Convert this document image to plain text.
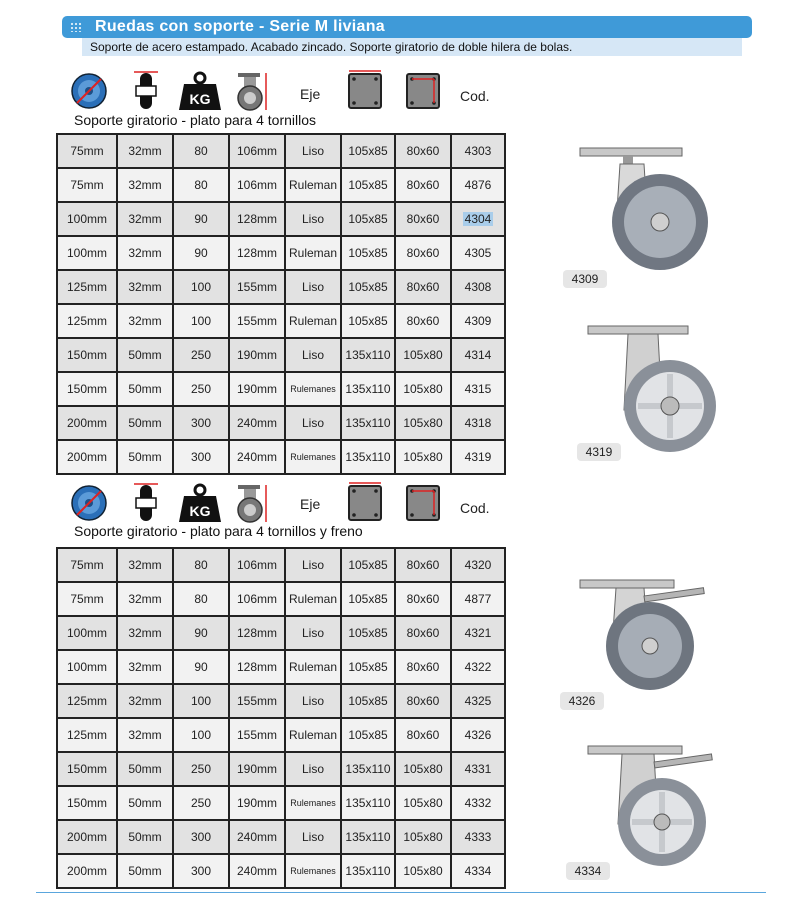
Ruedas con soporte - Serie M liviana
Soporte de acero estampado. Acabado zincado. Soporte giratorio de doble hilera de bolas.
KG	Eje	Cod.
Soporte giratorio - plato para 4 tornillos
75mm	32mm	80	106mm	Liso	105x85	80x60	4303
75mm	32mm	80	106mm	Ruleman	105x85	80x60	4876
100mm	32mm	90	128mm	Liso	105x85	80x60	4304
100mm	32mm	90	128mm	Ruleman	105x85	80x60	4305
125mm	32mm	100	155mm	Liso	105x85	80x60	4308
125mm	32mm	100	155mm	Ruleman	105x85	80x60	4309
150mm	50mm	250	190mm	Liso	135x110	105x80	4314
150mm	50mm	250	190mm	Rulemanes	135x110	105x80	4315
200mm	50mm	300	240mm	Liso	135x110	105x80	4318
200mm	50mm	300	240mm	Rulemanes	135x110	105x80	4319
KG	Eje	Cod.
Soporte giratorio - plato para 4 tornillos y freno
75mm	32mm	80	106mm	Liso	105x85	80x60	4320
75mm	32mm	80	106mm	Ruleman	105x85	80x60	4877
100mm	32mm	90	128mm	Liso	105x85	80x60	4321
100mm	32mm	90	128mm	Ruleman	105x85	80x60	4322
125mm	32mm	100	155mm	Liso	105x85	80x60	4325
125mm	32mm	100	155mm	Ruleman	105x85	80x60	4326
150mm	50mm	250	190mm	Liso	135x110	105x80	4331
150mm	50mm	250	190mm	Rulemanes	135x110	105x80	4332
200mm	50mm	300	240mm	Liso	135x110	105x80	4333
200mm	50mm	300	240mm	Rulemanes	135x110	105x80	4334
4309
4319
4326
4334
